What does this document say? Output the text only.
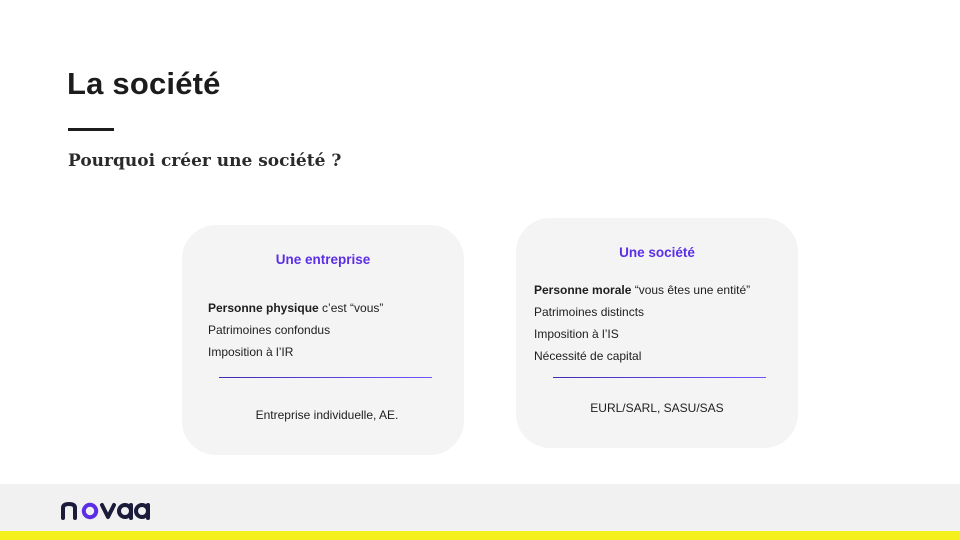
La société
Pourquoi créer une société ?
Une entreprise
Personne physique c’est “vous”
Patrimoines confondus
Imposition à l’IR
Entreprise individuelle, AE.
Une société
Personne morale “vous êtes une entité”
Patrimoines distincts
Imposition à l’IS
Nécessité de capital
EURL/SARL, SASU/SAS
